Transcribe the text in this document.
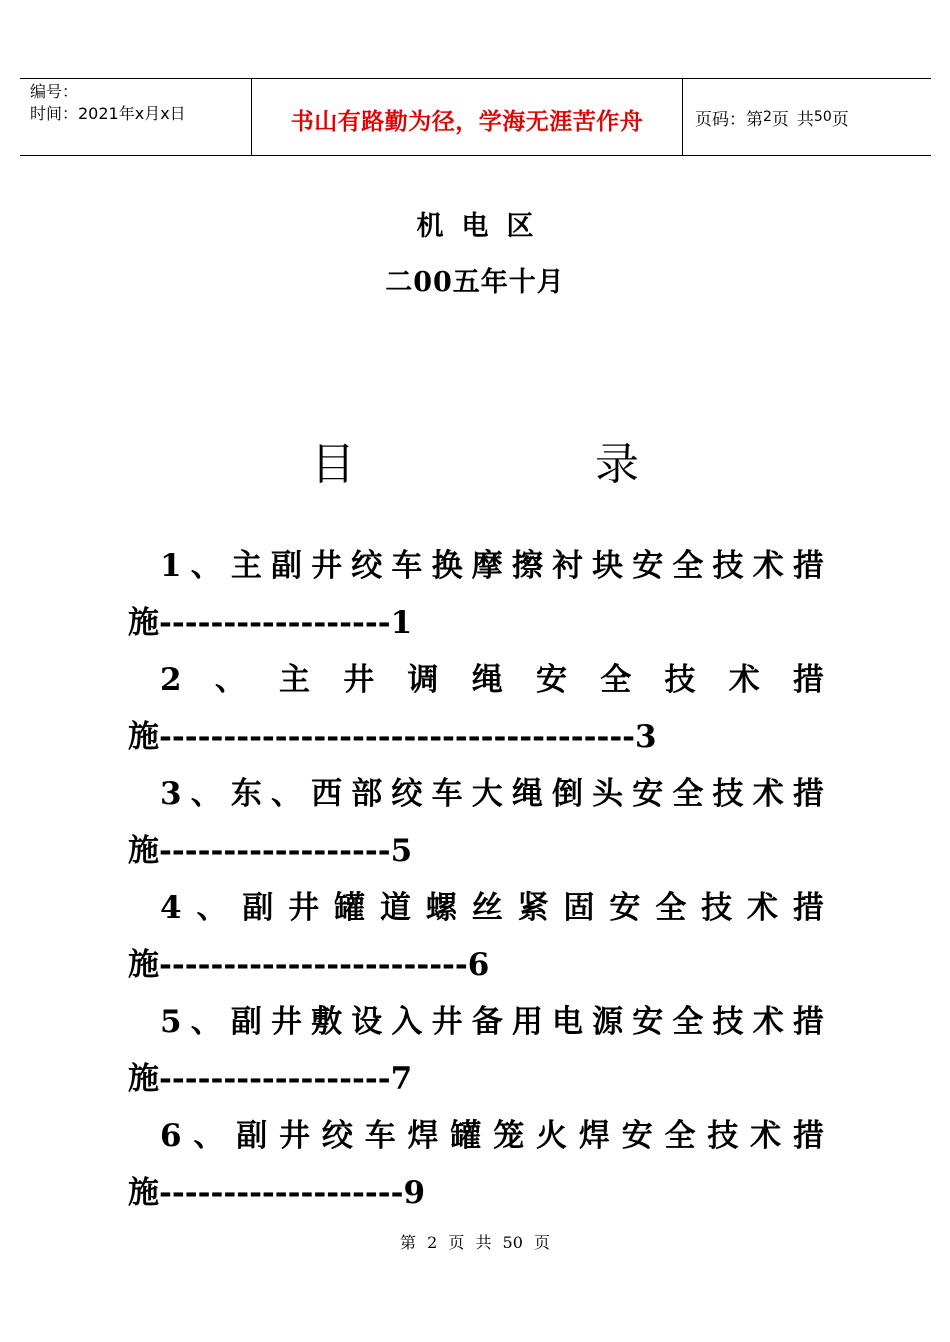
编号：
时间：2021年x月x日	书山有路勤为径，学海无涯苦作舟	页码：第 2 页 共 50 页
机电区
二00五年十月
目	录
1 、 主 副 井 绞 车 换 摩 擦 衬 块 安 全 技 术 措
施------------------1
2 、 主 井 调 绳 安 全 技 术 措
施-------------------------------------3
3 、 东 、 西 部 绞 车 大 绳 倒 头 安 全 技 术 措
施------------------5
4 、 副 井 罐 道 螺 丝 紧 固 安 全 技 术 措
施------------------------6
5 、 副 井 敷 设 入 井 备 用 电 源 安 全 技 术 措
施------------------7
6 、 副 井 绞 车 焊 罐 笼 火 焊 安 全 技 术 措
施-------------------9
第 2 页 共 50 页
